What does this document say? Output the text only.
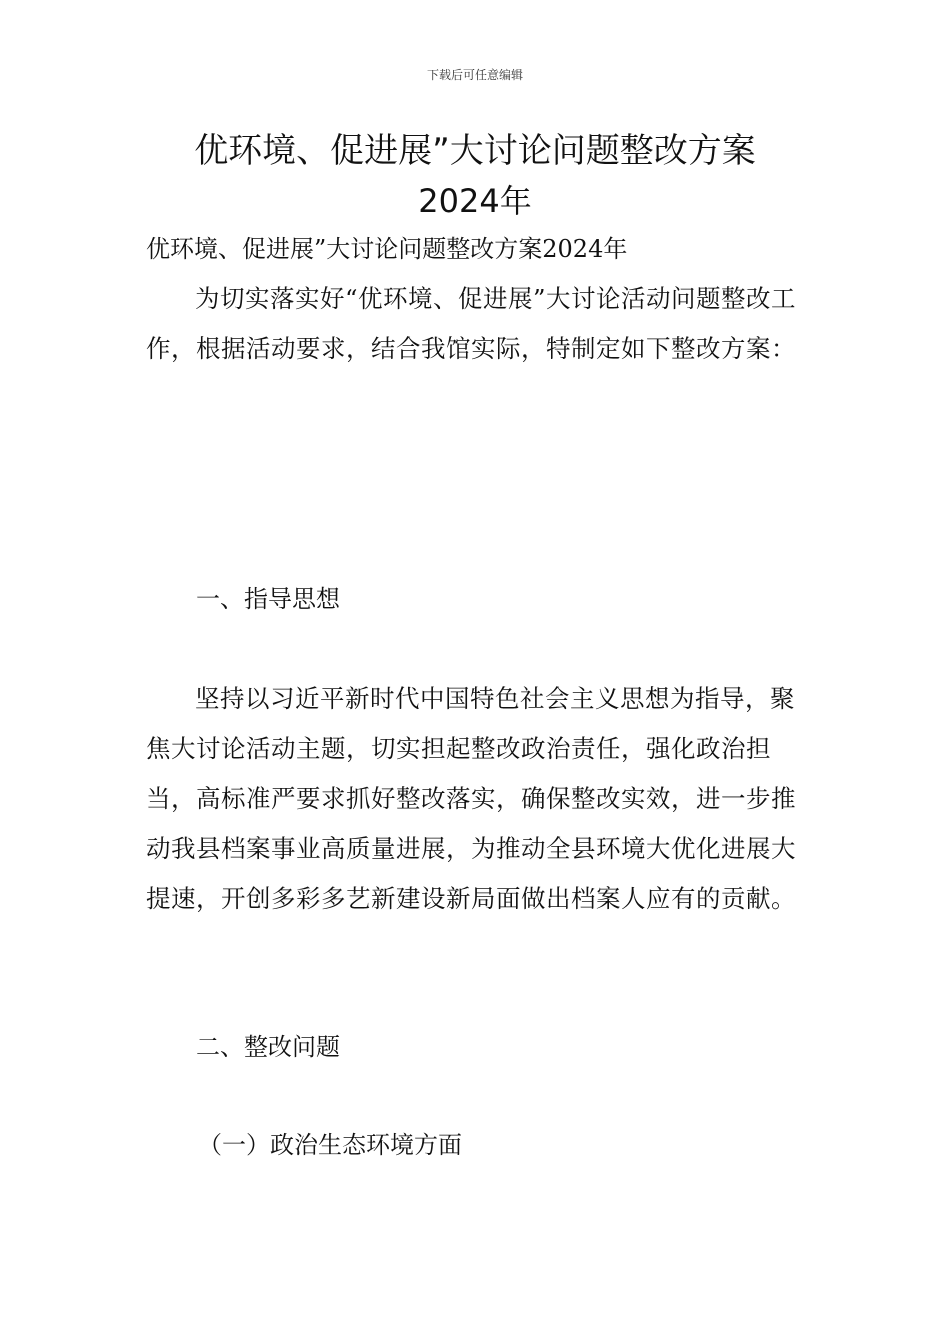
下载后可任意编辑
优环境、促进展”大讨论问题整改方案
2024年
优环境、促进展”大讨论问题整改方案2024年
为切实落实好“优环境、促进展”大讨论活动问题整改工作，根据活动要求，结合我馆实际，特制定如下整改方案：
一、指导思想
坚持以习近平新时代中国特色社会主义思想为指导，聚焦大讨论活动主题，切实担起整改政治责任，强化政治担当，高标准严要求抓好整改落实，确保整改实效，进一步推动我县档案事业高质量进展，为推动全县环境大优化进展大提速，开创多彩多艺新建设新局面做出档案人应有的贡献。
二、整改问题
（一）政治生态环境方面
